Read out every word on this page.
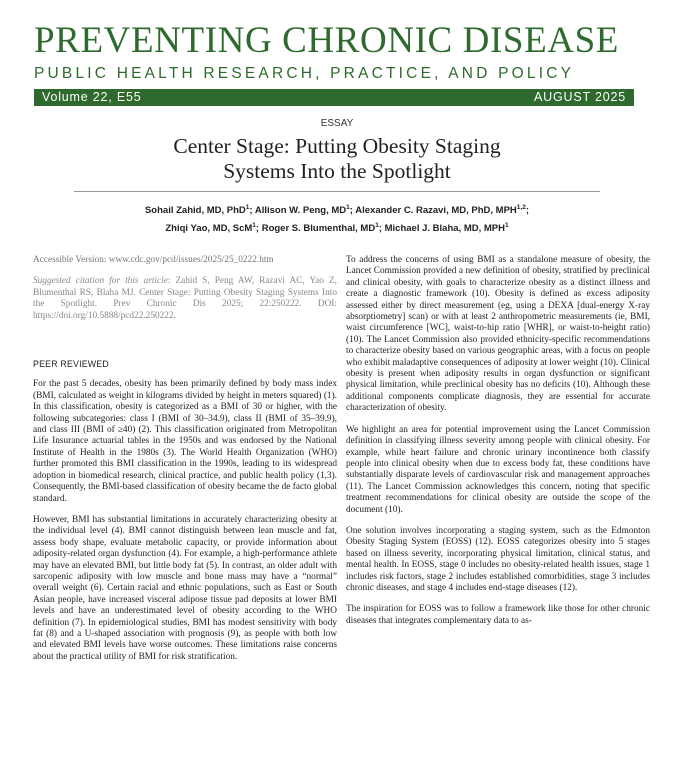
PREVENTING CHRONIC DISEASE
PUBLIC HEALTH RESEARCH, PRACTICE, AND POLICY
Volume 22, E55	AUGUST 2025
ESSAY
Center Stage: Putting Obesity Staging
Systems Into the Spotlight
Sohail Zahid, MD, PhD$^1$; Allison W. Peng, $MD^1$; Alexander C. Razavi, MD, PhD, MPH$^{1,2}$;
Zhiqi Yao, MD, ScM$^1$; Roger S. Blumenthal, $MD^1$; Michael J. Blaha, MD, MPH$^1$

Accessible Version: www.cdc.gov/pcd/issues/2025/25_0222.htm

Suggested citation for this article: Zahid S, Peng AW, Razavi AC, Yao Z, Blumenthal RS, Blaha MJ. Center Stage: Putting Obesity Staging Systems Into the Spotlight. Prev Chronic Dis 2025; 22:250222. DOI: https://doi.org/10.5888/pcd22.250222.

PEER REVIEWED

For the past 5 decades, obesity has been primarily defined by body mass index (BMI, calculated as weight in kilograms divided by height in meters squared) (1). In this classification, obesity is categorized as a BMI of 30 or higher, with the following subcategories: class I (BMI of 30–34.9), class II (BMI of 35–39.9), and class III (BMI of ≥40) (2). This classification originated from Metropolitan Life Insurance actuarial tables in the 1950s and was endorsed by the National Institute of Health in the 1980s (3). The World Health Organization (WHO) further promoted this BMI classification in the 1990s, leading to its widespread adoption in biomedical research, clinical practice, and public health policy (1,3). Consequently, the BMI-based classification of obesity became the de facto global standard.

However, BMI has substantial limitations in accurately characterizing obesity at the individual level (4). BMI cannot distinguish between lean muscle and fat, assess body shape, evaluate metabolic capacity, or provide information about adiposity-related organ dysfunction (4). For example, a high-performance athlete may have an elevated BMI, but little body fat (5). In contrast, an older adult with sarcopenic adiposity with low muscle and bone mass may have a “normal” overall weight (6). Certain racial and ethnic populations, such as East or South Asian people, have increased visceral adipose tissue pad deposits at lower BMI levels and have an underestimated level of obesity according to the WHO definition (7). In epidemiological studies, BMI has modest sensitivity with body fat (8) and a U-shaped association with prognosis (9), as people with both low and elevated BMI levels have worse outcomes. These limitations raise concerns about the practical utility of BMI for risk stratification.

To address the concerns of using BMI as a standalone measure of obesity, the Lancet Commission provided a new definition of obesity, stratified by preclinical and clinical obesity, with goals to characterize obesity as a distinct illness and create a diagnostic framework (10). Obesity is defined as excess adiposity assessed either by direct measurement (eg, using a DEXA [dual-energy X-ray absorptiometry] scan) or with at least 2 anthropometric measurements (ie, BMI, waist circumference [WC], waist-to-hip ratio [WHR], or waist-to-height ratio) (10). The Lancet Commission also provided ethnicity-specific recommendations to characterize obesity based on various geographic areas, with a focus on people who exhibit maladaptive consequences of adiposity at lower weight (10). Clinical obesity is present when adiposity results in organ dysfunction or significant physical limitation, while preclinical obesity has no deficits (10). Although these additional components complicate diagnosis, they are essential for accurate characterization of obesity.

We highlight an area for potential improvement using the Lancet Commission definition in classifying illness severity among people with clinical obesity. For example, while heart failure and chronic urinary incontinence both classify people into clinical obesity when due to excess body fat, these conditions have substantially disparate levels of cardiovascular risk and management approaches (11). The Lancet Commission acknowledges this concern, noting that specific treatment recommendations for clinical obesity are outside the scope of the document (10).

One solution involves incorporating a staging system, such as the Edmonton Obesity Staging System (EOSS) (12). EOSS categorizes obesity into 5 stages based on illness severity, incorporating physical limitation, clinical status, and mental health. In EOSS, stage 0 includes no obesity-related health issues, stage 1 includes risk factors, stage 2 includes established comorbidities, stage 3 includes chronic diseases, and stage 4 includes end-stage diseases (12).

The inspiration for EOSS was to follow a framework like those for other chronic diseases that integrates complementary data to as-
